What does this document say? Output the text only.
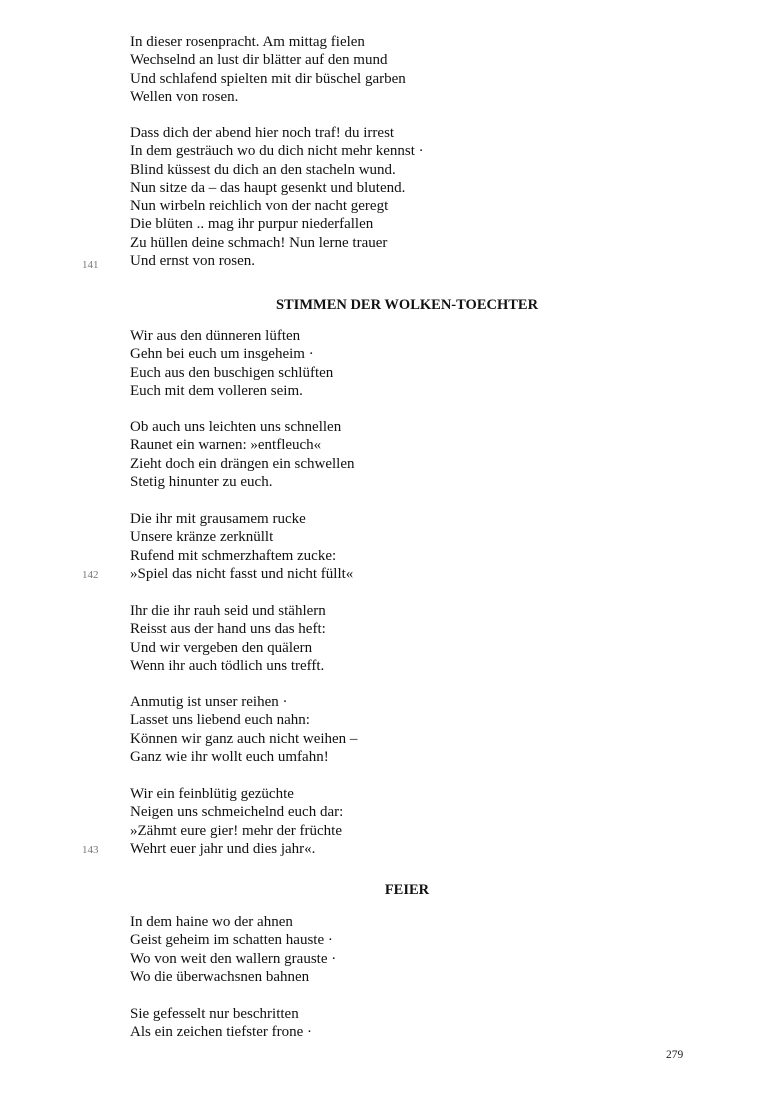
In dieser rosenpracht. Am mittag fielen
Wechselnd an lust dir blätter auf den mund
Und schlafend spielten mit dir büschel garben
Wellen von rosen.
Dass dich der abend hier noch traf! du irrest
In dem gesträuch wo du dich nicht mehr kennst ·
Blind küssest du dich an den stacheln wund.
Nun sitze da – das haupt gesenkt und blutend.
Nun wirbeln reichlich von der nacht geregt
Die blüten .. mag ihr purpur niederfallen
Zu hüllen deine schmach! Nun lerne trauer
Und ernst von rosen.
141
STIMMEN DER WOLKEN-TOECHTER
Wir aus den dünneren lüften
Gehn bei euch um insgeheim ·
Euch aus den buschigen schlüften
Euch mit dem volleren seim.
Ob auch uns leichten uns schnellen
Raunet ein warnen: »entfleuch«
Zieht doch ein drängen ein schwellen
Stetig hinunter zu euch.
Die ihr mit grausamem rucke
Unsere kränze zerknüllt
Rufend mit schmerzhaftem zucke:
»Spiel das nicht fasst und nicht füllt«
142
Ihr die ihr rauh seid und stählern
Reisst aus der hand uns das heft:
Und wir vergeben den quälern
Wenn ihr auch tödlich uns trefft.
Anmutig ist unser reihen ·
Lasset uns liebend euch nahn:
Können wir ganz auch nicht weihen –
Ganz wie ihr wollt euch umfahn!
Wir ein feinblütig gezüchte
Neigen uns schmeichelnd euch dar:
»Zähmt eure gier! mehr der früchte
Wehrt euer jahr und dies jahr«.
143
FEIER
In dem haine wo der ahnen
Geist geheim im schatten hauste ·
Wo von weit den wallern grauste ·
Wo die überwachsnen bahnen
Sie gefesselt nur beschritten
Als ein zeichen tiefster frone ·
279
